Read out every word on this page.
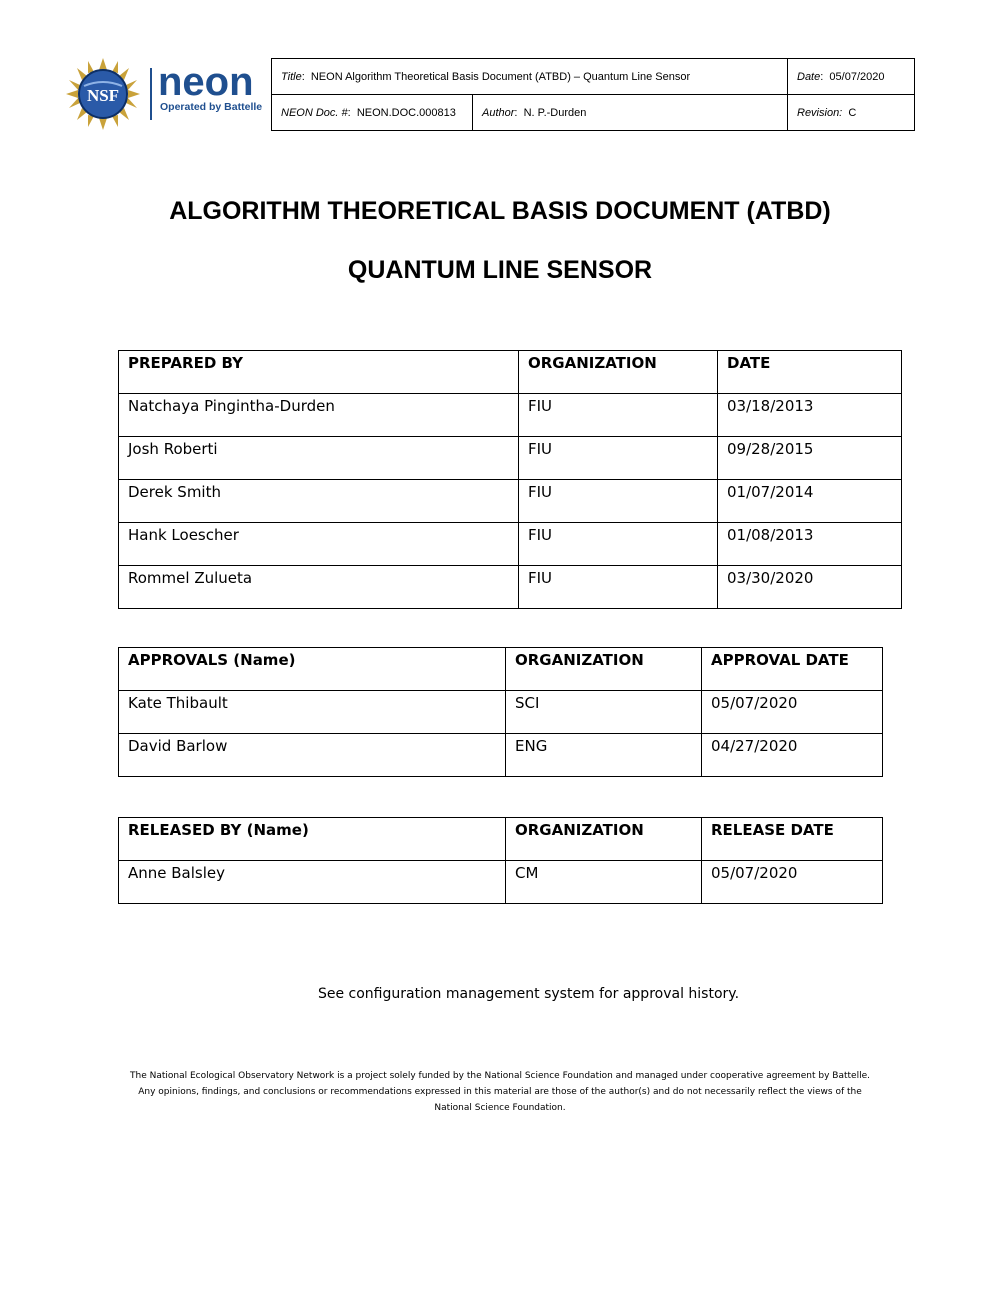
NSF neon
Operated by Battelle
Title:  NEON Algorithm Theoretical Basis Document (ATBD) – Quantum Line Sensor		Date:  05/07/2020
NEON Doc. #:  NEON.DOC.000813	Author:  N. P.-Durden	Revision: C
ALGORITHM THEORETICAL BASIS DOCUMENT (ATBD)
QUANTUM LINE SENSOR
PREPARED BY	ORGANIZATION	DATE
Natchaya Pingintha-Durden	FIU	03/18/2013
Josh Roberti	FIU	09/28/2015
Derek Smith	FIU	01/07/2014
Hank Loescher	FIU	01/08/2013
Rommel Zulueta	FIU	03/30/2020
APPROVALS (Name)	ORGANIZATION	APPROVAL DATE
Kate Thibault	SCI	05/07/2020
David Barlow	ENG	04/27/2020
RELEASED BY (Name)	ORGANIZATION	RELEASE DATE
Anne Balsley	CM	05/07/2020
See configuration management system for approval history.
The National Ecological Observatory Network is a project solely funded by the National Science Foundation and managed under cooperative agreement by Battelle.
Any opinions, findings, and conclusions or recommendations expressed in this material are those of the author(s) and do not necessarily reflect the views of the
National Science Foundation.
